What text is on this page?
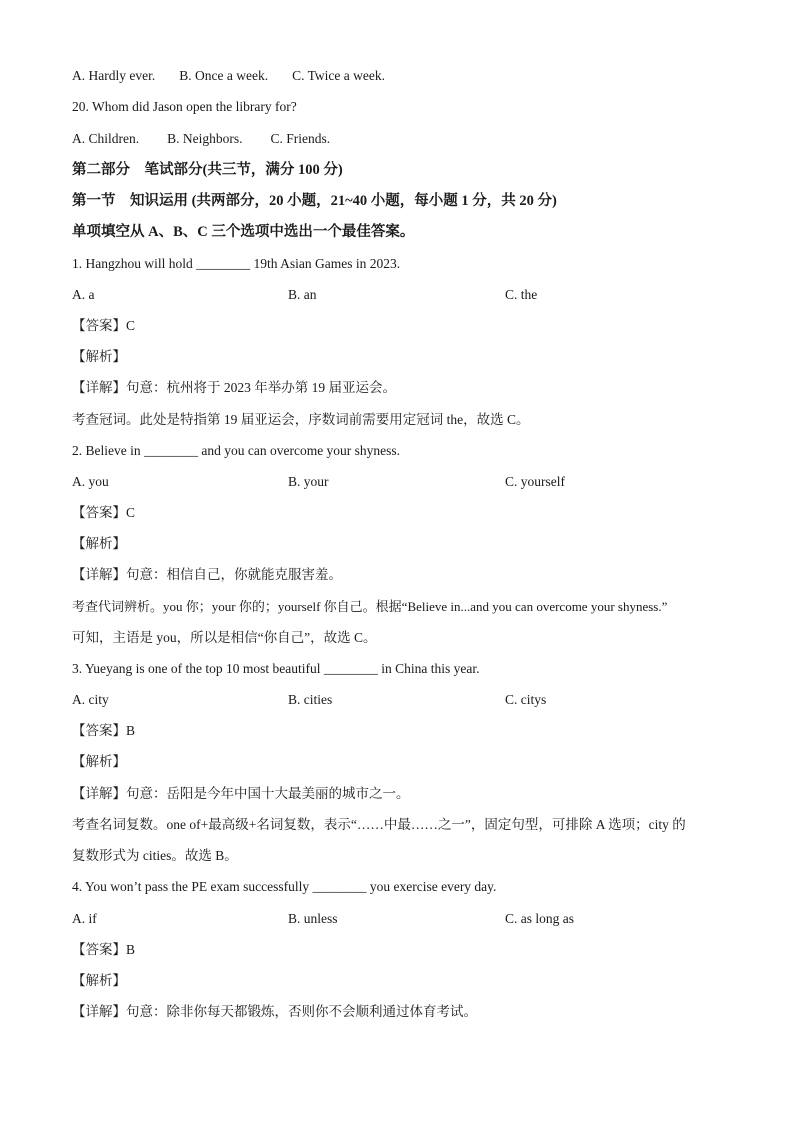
A. Hardly ever. B. Once a week. C. Twice a week.
20. Whom did Jason open the library for?
A. Children. B. Neighbors. C. Friends.
第二部分　笔试部分(共三节，满分 100 分)
第一节　知识运用 (共两部分，20 小题，21~40 小题，每小题 1 分，共 20 分)
单项填空从 A、B、C 三个选项中选出一个最佳答案。
1. Hangzhou will hold ________ 19th Asian Games in 2023.
A. a	B. an	C. the
【答案】C
【解析】
【详解】句意：杭州将于 2023 年举办第 19 届亚运会。
考查冠词。此处是特指第 19 届亚运会，序数词前需要用定冠词 the，故选 C。
2. Believe in ________ and you can overcome your shyness.
A. you	B. your	C. yourself
【答案】C
【解析】
【详解】句意：相信自己，你就能克服害羞。
考查代词辨析。you 你；your 你的；yourself 你自己。根据“Believe in...and you can overcome your shyness.”
可知，主语是 you，所以是相信“你自己”，故选 C。
3. Yueyang is one of the top 10 most beautiful ________ in China this year.
A. city	B. cities	C. citys
【答案】B
【解析】
【详解】句意：岳阳是今年中国十大最美丽的城市之一。
考查名词复数。one of+最高级+名词复数，表示“……中最……之一”，固定句型，可排除 A 选项；city 的
复数形式为 cities。故选 B。
4. You won’t pass the PE exam successfully ________ you exercise every day.
A. if	B. unless	C. as long as
【答案】B
【解析】
【详解】句意：除非你每天都锻炼，否则你不会顺利通过体育考试。
